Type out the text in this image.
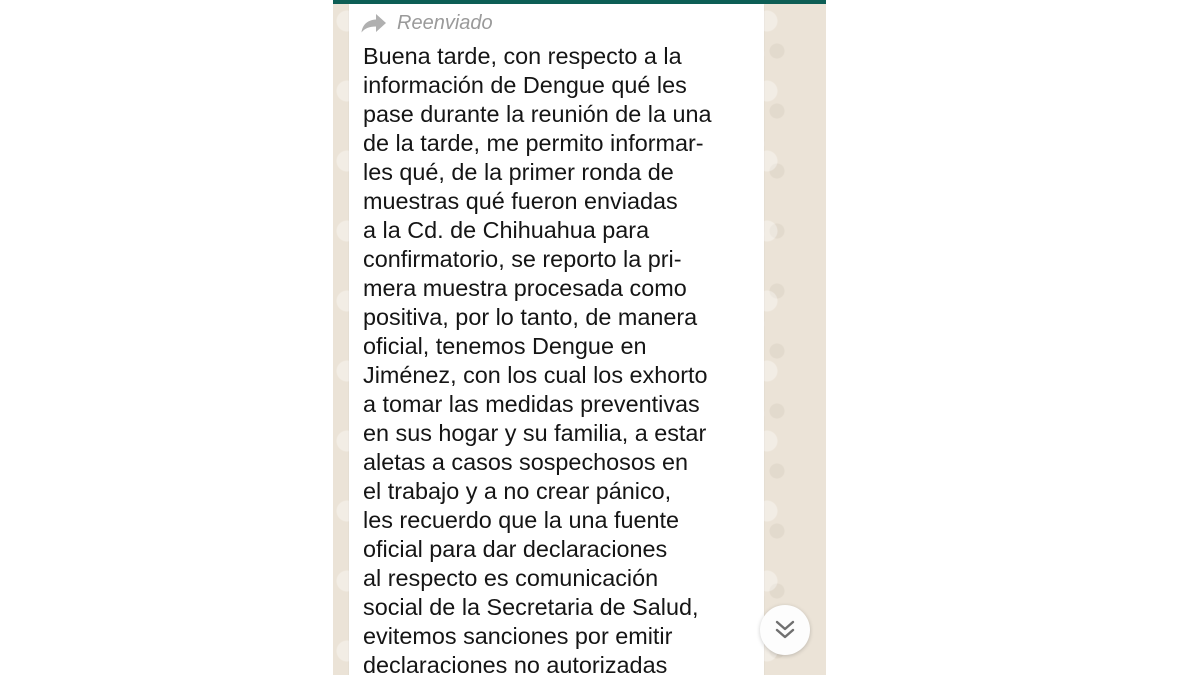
Reenviado

Buena tarde, con respecto a la
información de Dengue qué les
pase durante la reunión de la una
de la tarde, me permito informar-
les qué, de la primer ronda de
muestras qué fueron enviadas
a la Cd. de Chihuahua para
confirmatorio, se reporto la pri-
mera muestra procesada como
positiva, por lo tanto, de manera
oficial, tenemos Dengue en
Jiménez, con los cual los exhorto
a tomar las medidas preventivas
en sus hogar y su familia, a estar
aletas a casos sospechosos en
el trabajo y a no crear pánico,
les recuerdo que la una fuente
oficial para dar declaraciones
al respecto es comunicación
social de la Secretaria de Salud,
evitemos sanciones por emitir
declaraciones no autorizadas
